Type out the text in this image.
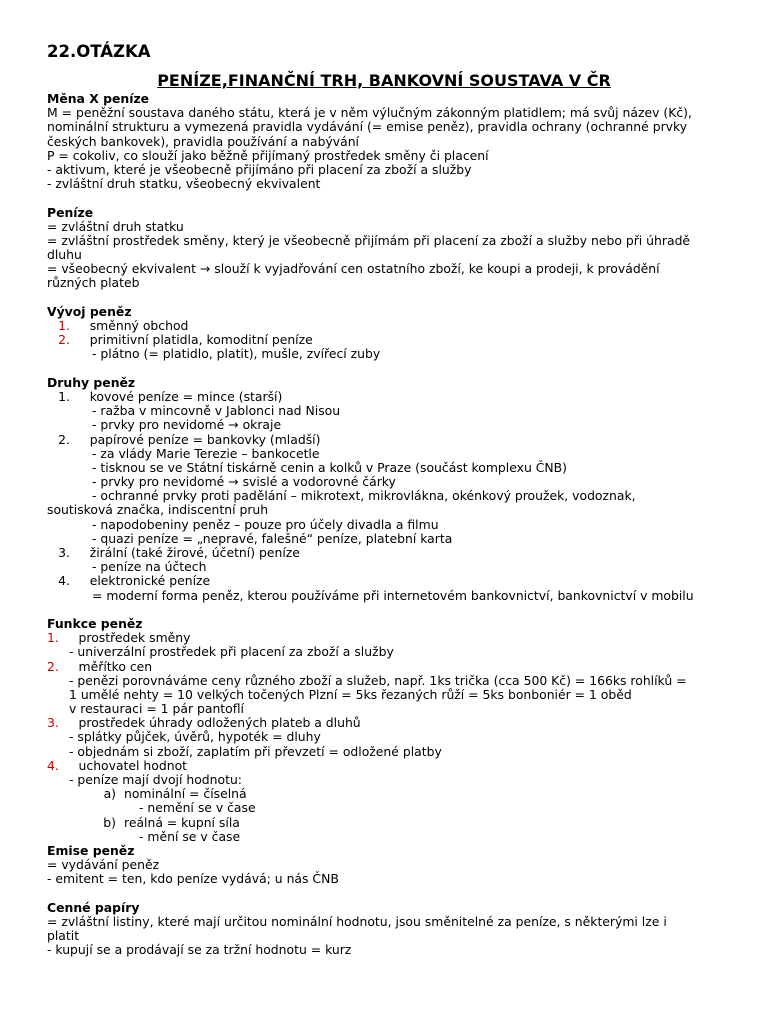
22.OTÁZKA
PENÍZE,FINANČNÍ TRH, BANKOVNÍ SOUSTAVA V ČR
Měna X peníze
M = peněžní soustava daného státu, která je v něm výlučným zákonným platidlem; má svůj název (Kč),
nominální strukturu a vymezená pravidla vydávání (= emise peněz), pravidla ochrany (ochranné prvky
českých bankovek), pravidla používání a nabývání
P = cokoliv, co slouží jako běžně přijímaný prostředek směny či placení
- aktivum, které je všeobecně přijímáno při placení za zboží a služby
- zvláštní druh statku, všeobecný ekvivalent
Peníze
= zvláštní druh statku
= zvláštní prostředek směny, který je všeobecně přijímám při placení za zboží a služby nebo při úhradě
dluhu
= všeobecný ekvivalent → slouží k vyjadřování cen ostatního zboží, ke koupi a prodeji, k provádění
různých plateb
Vývoj peněz
1. směnný obchod
2. primitivní platidla, komoditní peníze
- plátno (= platidlo, platit), mušle, zvířecí zuby
Druhy peněz
1. kovové peníze = mince (starší)
- ražba v mincovně v Jablonci nad Nisou
- prvky pro nevidomé → okraje
2. papírové peníze = bankovky (mladší)
- za vlády Marie Terezie – bankocetle
- tisknou se ve Státní tiskárně cenin a kolků v Praze (součást komplexu ČNB)
- prvky pro nevidomé → svislé a vodorovné čárky
- ochranné prvky proti padělání – mikrotext, mikrovlákna, okénkový proužek, vodoznak,
soutisková značka, indiscentní pruh
- napodobeniny peněz – pouze pro účely divadla a filmu
- quazi peníze = „nepravé, falešné“ peníze, platební karta
3. žirální (také žirové, účetní) peníze
- peníze na účtech
4. elektronické peníze
= moderní forma peněz, kterou používáme při internetovém bankovnictví, bankovnictví v mobilu
Funkce peněz
1. prostředek směny
- univerzální prostředek při placení za zboží a služby
2. měřítko cen
- penězi porovnáváme ceny různého zboží a služeb, např. 1ks trička (cca 500 Kč) = 166ks rohlíků =
1 umělé nehty = 10 velkých točených Plzní = 5ks řezaných růží = 5ks bonboniér = 1 oběd
v restauraci = 1 pár pantoflí
3. prostředek úhrady odložených plateb a dluhů
- splátky půjček, úvěrů, hypoték = dluhy
- objednám si zboží, zaplatím při převzetí = odložené platby
4. uchovatel hodnot
- peníze mají dvojí hodnotu:
a) nominální = číselná
- nemění se v čase
b) reálná = kupní síla
- mění se v čase
Emise peněz
= vydávání peněz
- emitent = ten, kdo peníze vydává; u nás ČNB
Cenné papíry
= zvláštní listiny, které mají určitou nominální hodnotu, jsou směnitelné za peníze, s některými lze i
platit
- kupují se a prodávají se za tržní hodnotu = kurz
